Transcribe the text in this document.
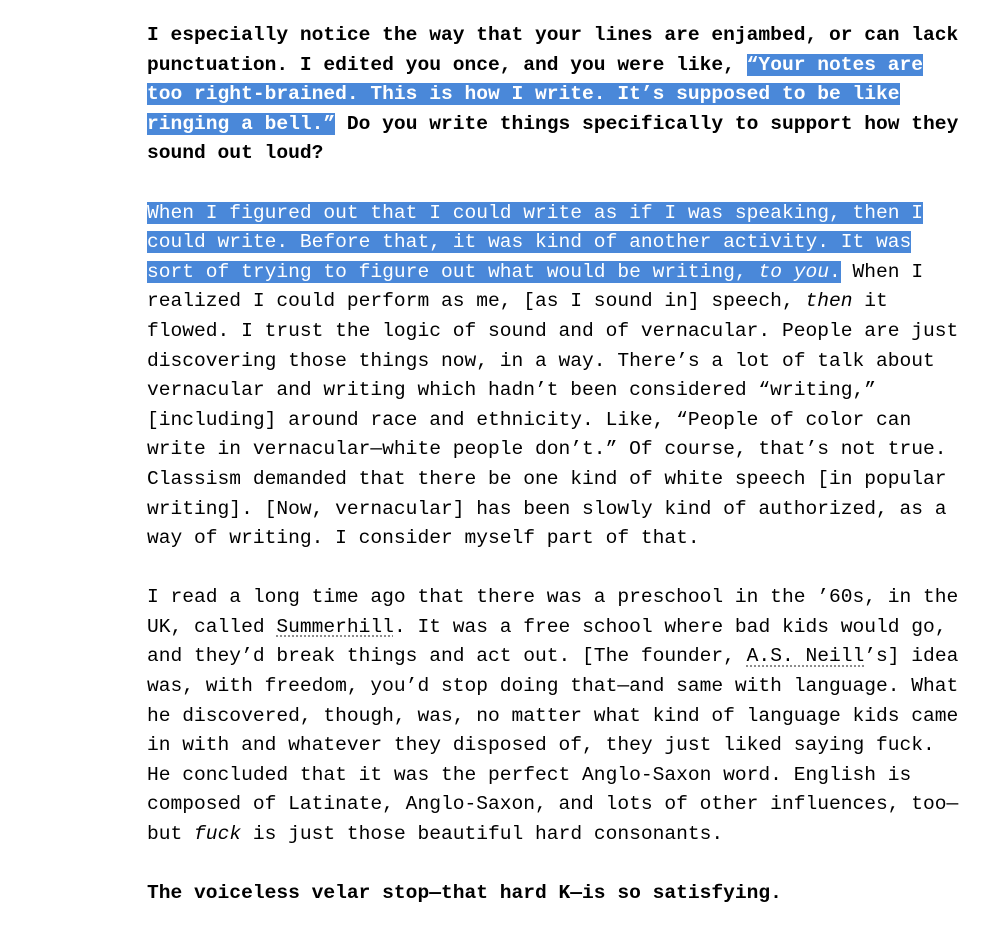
I especially notice the way that your lines are enjambed, or can lack punctuation. I edited you once, and you were like, “Your notes are too right-brained. This is how I write. It’s supposed to be like ringing a bell.” Do you write things specifically to support how they sound out loud?

When I figured out that I could write as if I was speaking, then I could write. Before that, it was kind of another activity. It was sort of trying to figure out what would be writing, to you. When I realized I could perform as me, [as I sound in] speech, then it flowed. I trust the logic of sound and of vernacular. People are just discovering those things now, in a way. There’s a lot of talk about vernacular and writing which hadn’t been considered “writing,” [including] around race and ethnicity. Like, “People of color can write in vernacular—white people don’t.” Of course, that’s not true. Classism demanded that there be one kind of white speech [in popular writing]. [Now, vernacular] has been slowly kind of authorized, as a way of writing. I consider myself part of that.

I read a long time ago that there was a preschool in the ’60s, in the UK, called Summerhill. It was a free school where bad kids would go, and they’d break things and act out. [The founder, A.S. Neill’s] idea was, with freedom, you’d stop doing that—and same with language. What he discovered, though, was, no matter what kind of language kids came in with and whatever they disposed of, they just liked saying fuck. He concluded that it was the perfect Anglo-Saxon word. English is composed of Latinate, Anglo-Saxon, and lots of other influences, too—but fuck is just those beautiful hard consonants.

The voiceless velar stop—that hard K—is so satisfying.
